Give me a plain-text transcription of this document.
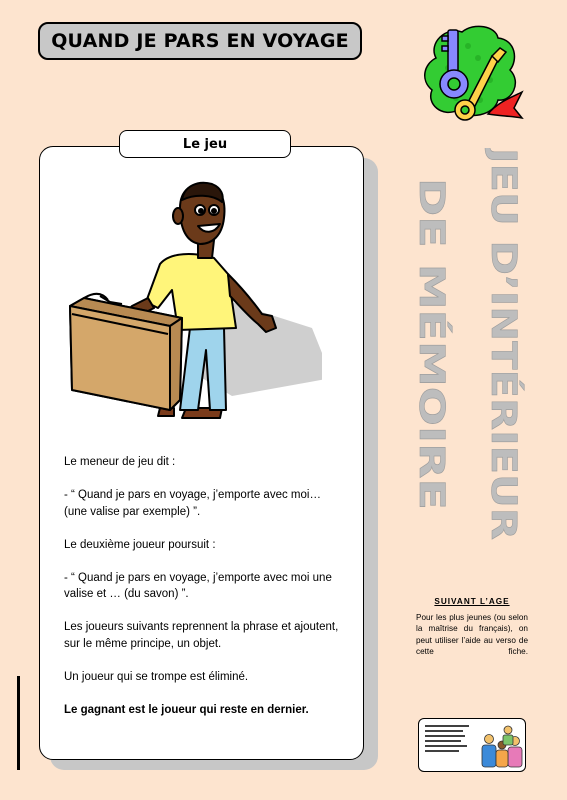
QUAND JE PARS EN VOYAGE
Le jeu

Le meneur de jeu dit :

- “ Quand je pars en voyage, j’emporte avec moi… (une valise par exemple) ”.

Le deuxième joueur poursuit :

- “ Quand je pars en voyage, j’emporte avec moi une valise et … (du savon) ”.

Les joueurs suivants reprennent la phrase et ajoutent, sur le même principe, un objet.

Un joueur qui se trompe est éliminé.

Le gagnant est le joueur qui reste en dernier.

JEU D’INTÉRIEUR
DE MÉMOIRE
SUIVANT L’AGE
Pour les plus jeunes (ou selon la maîtrise du français), on peut utiliser l’aide au verso de cette fiche.
